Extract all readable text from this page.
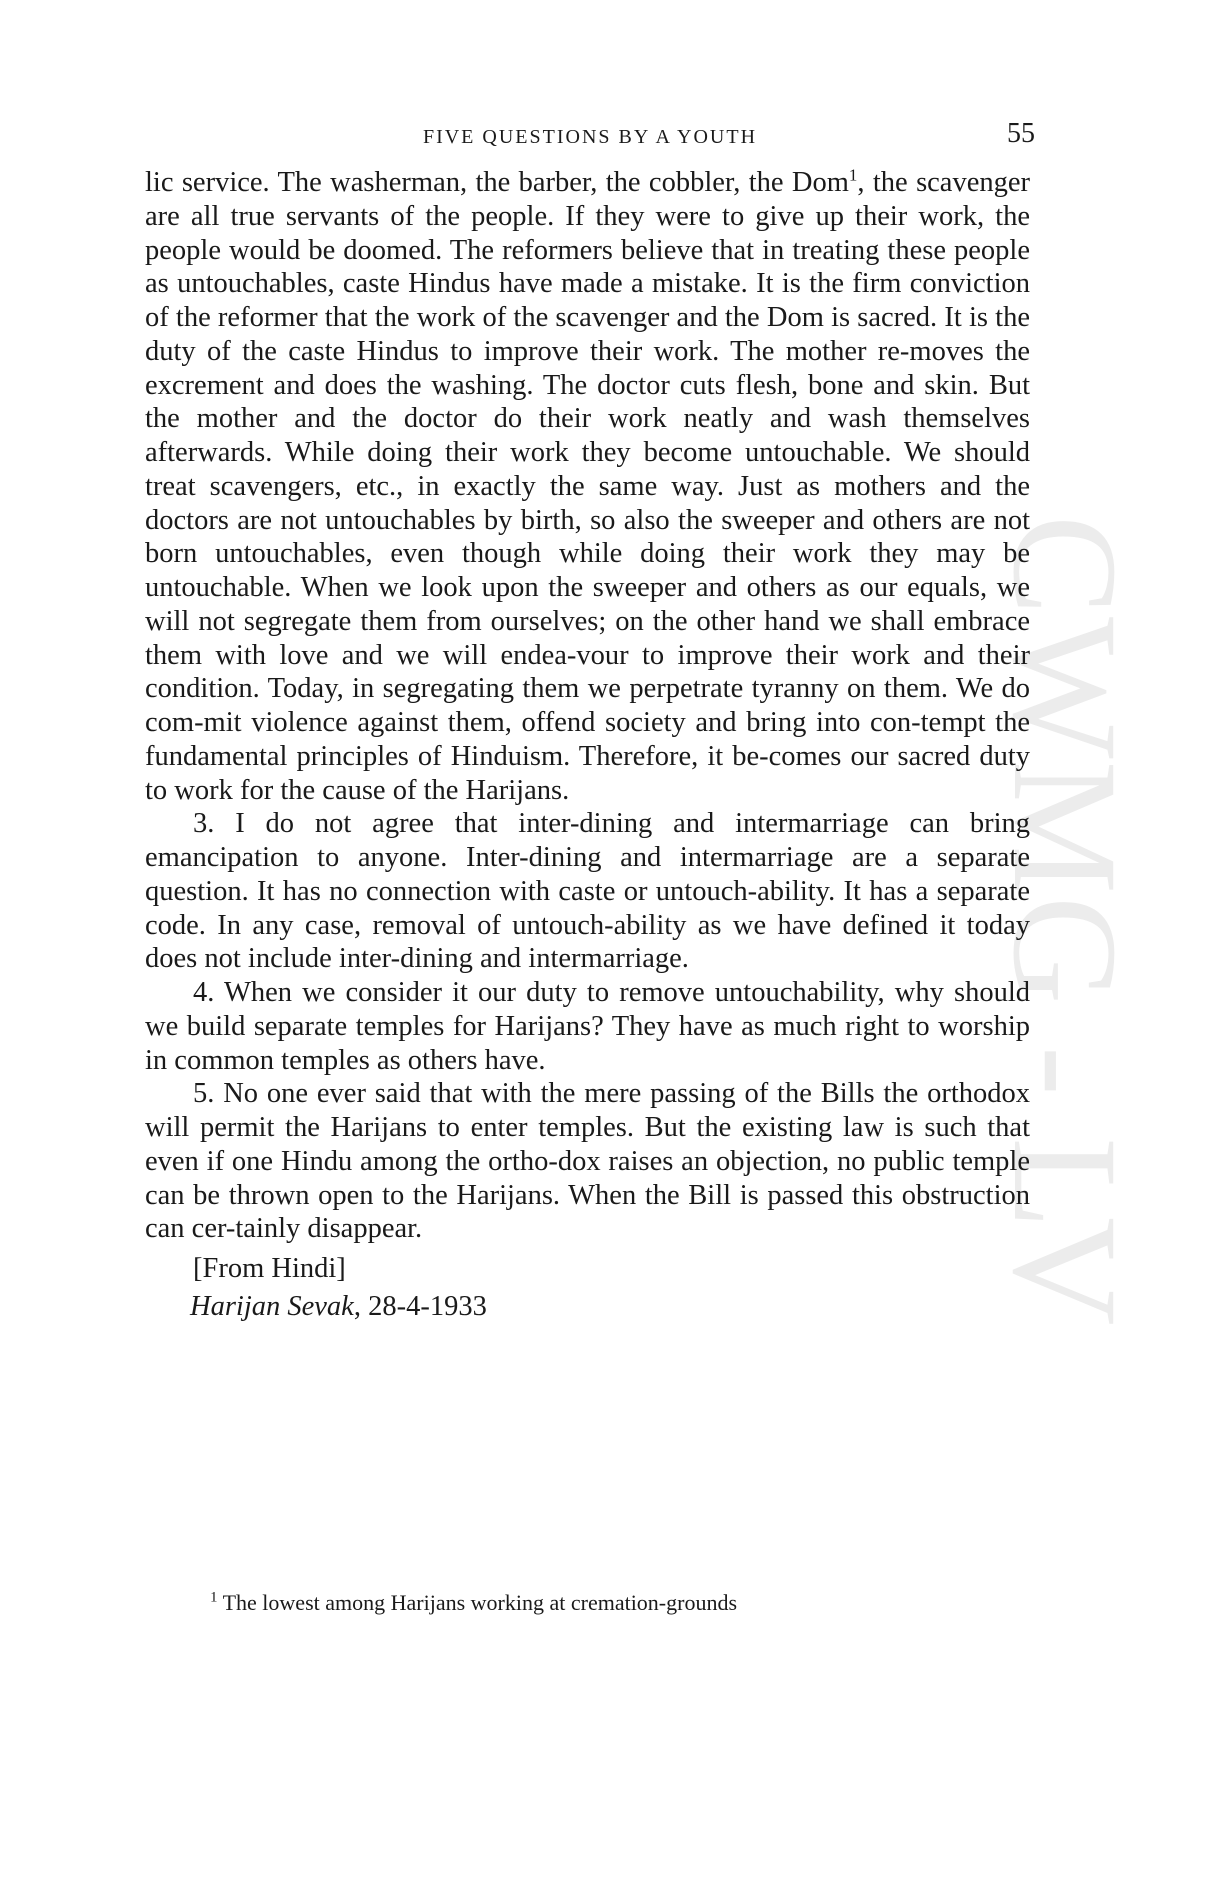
CWMG - LV
FIVE QUESTIONS BY A YOUTH	55

lic service. The washerman, the barber, the cobbler, the Dom$^1$, the scavenger are all true servants of the people. If they were to give up their work, the people would be doomed. The reformers believe that in treating these people as untouchables, caste Hindus have made a mistake. It is the firm conviction of the reformer that the work of the scavenger and the Dom is sacred. It is the duty of the caste Hindus to improve their work. The mother re-moves the excrement and does the washing. The doctor cuts flesh, bone and skin. But the mother and the doctor do their work neatly and wash themselves afterwards. While doing their work they become untouchable. We should treat scavengers, etc., in exactly the same way. Just as mothers and the doctors are not untouchables by birth, so also the sweeper and others are not born untouchables, even though while doing their work they may be untouchable. When we look upon the sweeper and others as our equals, we will not segregate them from ourselves; on the other hand we shall embrace them with love and we will endea-vour to improve their work and their condition. Today, in segregating them we perpetrate tyranny on them. We do com-mit violence against them, offend society and bring into con-tempt the fundamental principles of Hinduism. Therefore, it be-comes our sacred duty to work for the cause of the Harijans.

3. I do not agree that inter-dining and intermarriage can bring emancipation to anyone. Inter-dining and intermarriage are a separate question. It has no connection with caste or untouch-ability. It has a separate code. In any case, removal of untouch-ability as we have defined it today does not include inter-dining and intermarriage.

4. When we consider it our duty to remove untouchability, why should we build separate temples for Harijans? They have as much right to worship in common temples as others have.

5. No one ever said that with the mere passing of the Bills the orthodox will permit the Harijans to enter temples. But the existing law is such that even if one Hindu among the ortho-dox raises an objection, no public temple can be thrown open to the Harijans. When the Bill is passed this obstruction can cer-tainly disappear.

[From Hindi]

Harijan Sevak, 28-4-1933

$^1$ The lowest among Harijans working at cremation-grounds
